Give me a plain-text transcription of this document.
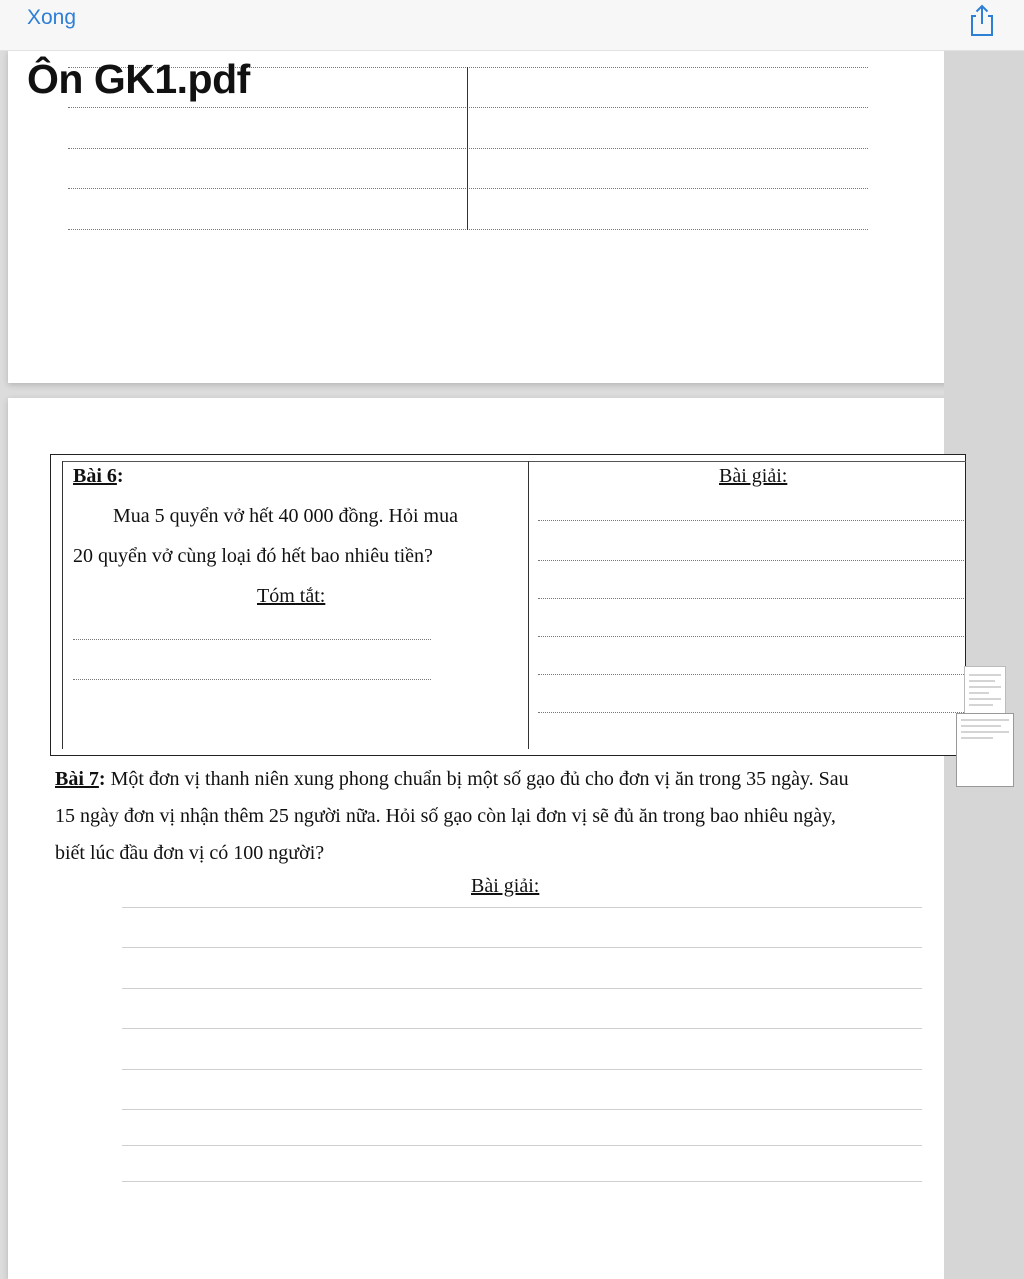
Xong
Ôn GK1.pdf
Bài 6:
Mua 5 quyển vở hết 40 000 đồng. Hỏi mua
20 quyển vở cùng loại đó hết bao nhiêu tiền?
Tóm tắt:
Bài giải:
Bài 7: Một đơn vị thanh niên xung phong chuẩn bị một số gạo đủ cho đơn vị ăn trong 35 ngày. Sau
15 ngày đơn vị nhận thêm 25 người nữa. Hỏi số gạo còn lại đơn vị sẽ đủ ăn trong bao nhiêu ngày,
biết lúc đầu đơn vị có 100 người?
Bài giải:
